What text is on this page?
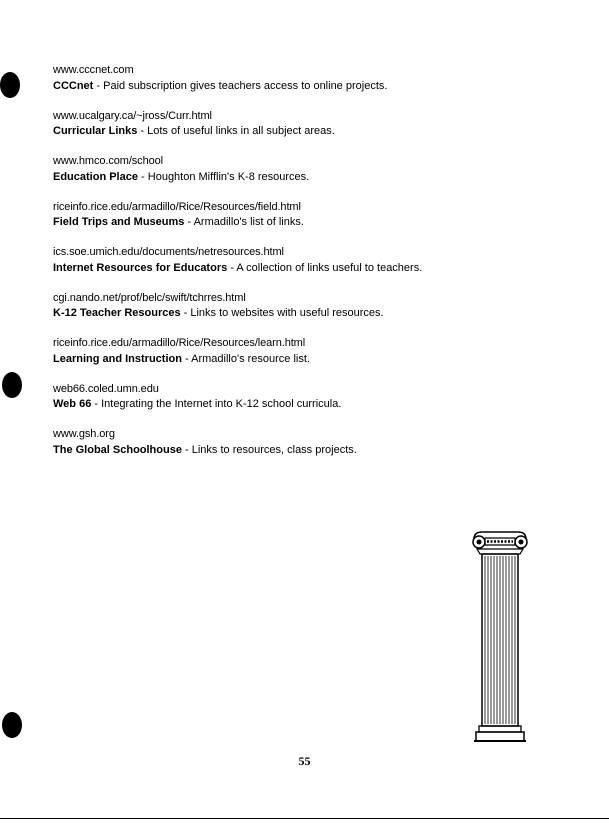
www.cccnet.com
CCCnet - Paid subscription gives teachers access to online projects.
www.ucalgary.ca/~jross/Curr.html
Curricular Links - Lots of useful links in all subject areas.
www.hmco.com/school
Education Place - Houghton Mifflin's K-8 resources.
riceinfo.rice.edu/armadillo/Rice/Resources/field.html
Field Trips and Museums - Armadillo's list of links.
ics.soe.umich.edu/documents/netresources.html
Internet Resources for Educators - A collection of links useful to teachers.
cgi.nando.net/prof/belc/swift/tchrres.html
K-12 Teacher Resources - Links to websites with useful resources.
riceinfo.rice.edu/armadillo/Rice/Resources/learn.html
Learning and Instruction - Armadillo's resource list.
web66.coled.umn.edu
Web 66 - Integrating the Internet into K-12 school curricula.
www.gsh.org
The Global Schoolhouse - Links to resources, class projects.
55
